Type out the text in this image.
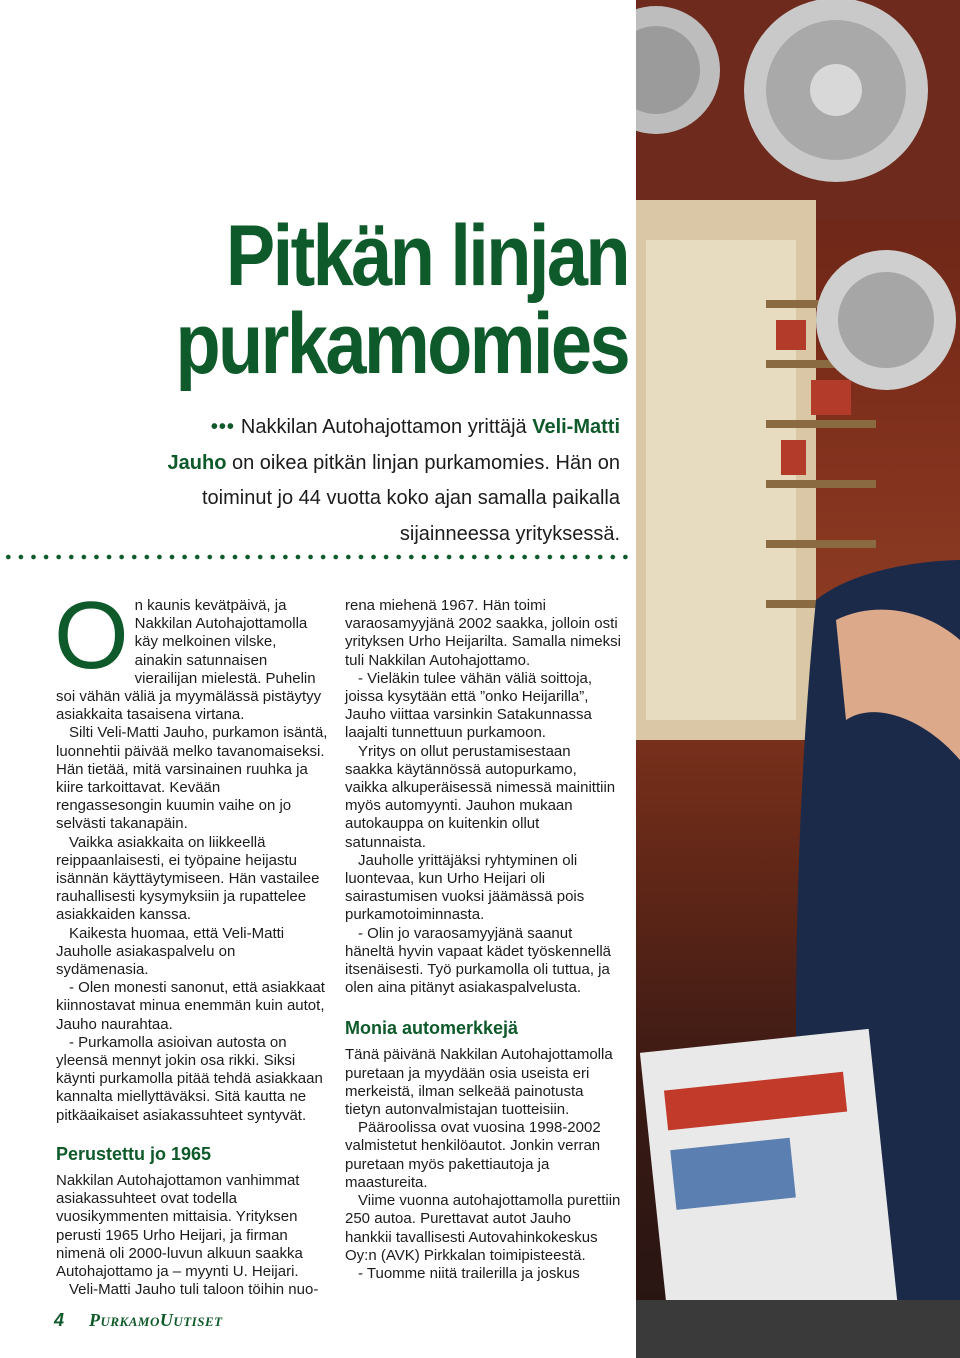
Pitkän linjan
purkamomies
••• Nakkilan Autohajottamon yrittäjä Veli-Matti Jauho on oikea pitkän linjan purkamomies. Hän on toiminut jo 44 vuotta koko ajan samalla paikalla sijainneessa yrityksessä.

On kaunis kevätpäivä, ja Nakkilan Autohajottamolla käy melkoinen vilske, ainakin satunnaisen vierailijan mielestä. Puhelin soi vähän väliä ja myymälässä pistäytyy asiakkaita tasaisena virtana.

Silti Veli-Matti Jauho, purkamon isäntä, luonnehtii päivää melko tavanomaiseksi. Hän tietää, mitä varsinainen ruuhka ja kiire tarkoittavat. Kevään rengassesongin kuumin vaihe on jo selvästi takanapäin.

Vaikka asiakkaita on liikkeellä reippaanlaisesti, ei työpaine heijastu isännän käyttäytymiseen. Hän vastailee rauhallisesti kysymyksiin ja rupattelee asiakkaiden kanssa.

Kaikesta huomaa, että Veli-Matti Jauholle asiakaspalvelu on sydämenasia.

- Olen monesti sanonut, että asiakkaat kiinnostavat minua enemmän kuin autot, Jauho naurahtaa.

- Purkamolla asioivan autosta on yleensä mennyt jokin osa rikki. Siksi käynti purkamolla pitää tehdä asiakkaan kannalta miellyttäväksi. Sitä kautta ne pitkäaikaiset asiakassuhteet syntyvät.

Perustettu jo 1965

Nakkilan Autohajottamon vanhimmat asiakassuhteet ovat todella vuosikymmenten mittaisia. Yrityksen perusti 1965 Urho Heijari, ja firman nimenä oli 2000-luvun alkuun saakka Autohajottamo ja – myynti U. Heijari.

Veli-Matti Jauho tuli taloon töihin nuo-

rena miehenä 1967. Hän toimi varaosamyyjänä 2002 saakka, jolloin osti yrityksen Urho Heijarilta. Samalla nimeksi tuli Nakkilan Autohajottamo.

- Vieläkin tulee vähän väliä soittoja, joissa kysytään että ”onko Heijarilla”, Jauho viittaa varsinkin Satakunnassa laajalti tunnettuun purkamoon.

Yritys on ollut perustamisestaan saakka käytännössä autopurkamo, vaikka alkuperäisessä nimessä mainittiin myös automyynti. Jauhon mukaan autokauppa on kuitenkin ollut satunnaista.

Jauholle yrittäjäksi ryhtyminen oli luontevaa, kun Urho Heijari oli sairastumisen vuoksi jäämässä pois purkamotoiminnasta.

- Olin jo varaosamyyjänä saanut häneltä hyvin vapaat kädet työskennellä itsenäisesti. Työ purkamolla oli tuttua, ja olen aina pitänyt asiakaspalvelusta.

Monia automerkkejä

Tänä päivänä Nakkilan Autohajottamolla puretaan ja myydään osia useista eri merkeistä, ilman selkeää painotusta tietyn autonvalmistajan tuotteisiin.

Pääroolissa ovat vuosina 1998-2002 valmistetut henkilöautot. Jonkin verran puretaan myös pakettiautoja ja maastureita.

Viime vuonna autohajottamolla purettiin 250 autoa. Purettavat autot Jauho hankkii tavallisesti Autovahinkokeskus Oy:n (AVK) Pirkkalan toimipisteestä.

- Tuomme niitä trailerilla ja joskus

4 PurkamoUutiset
